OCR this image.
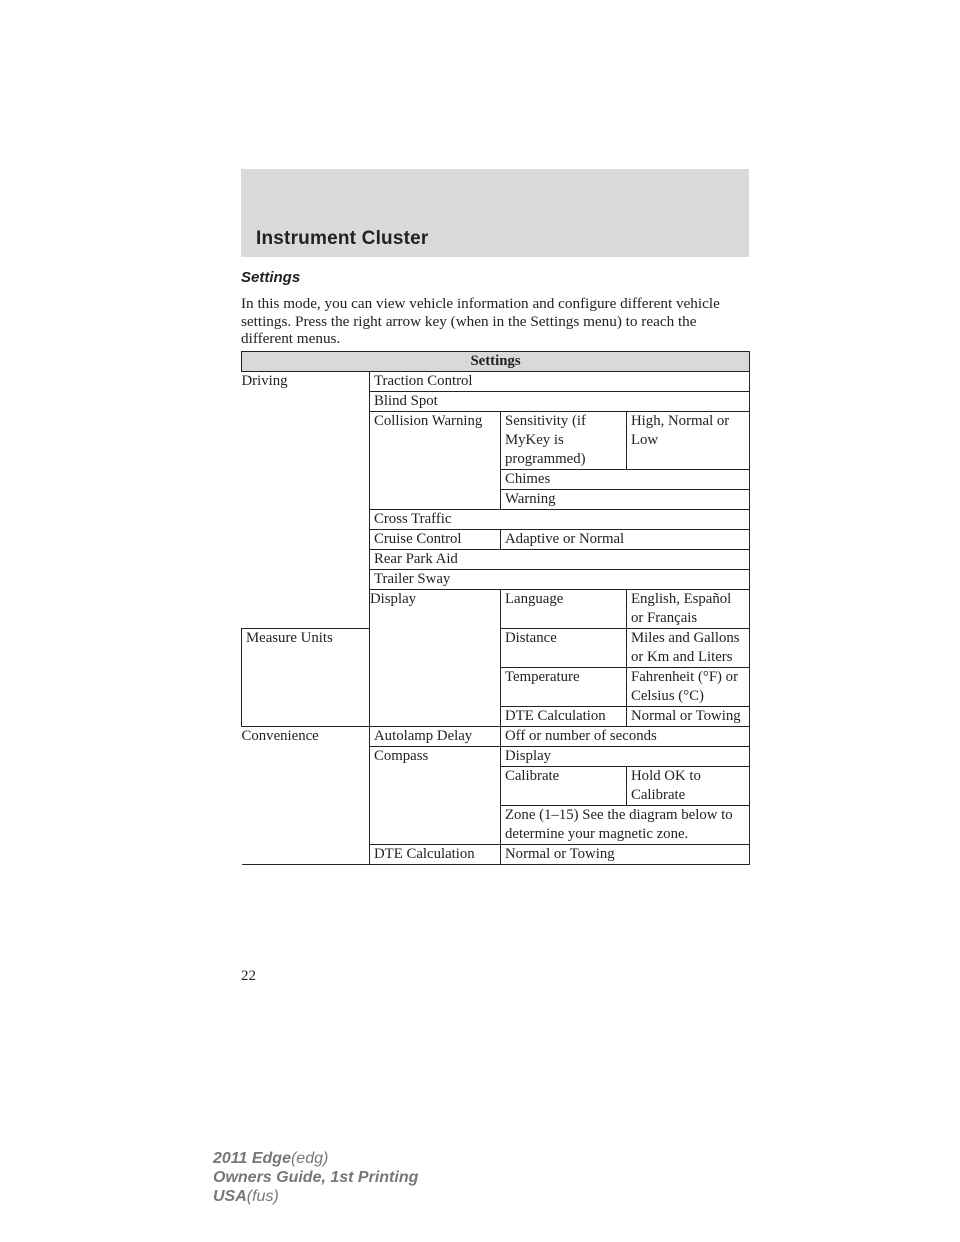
Instrument Cluster
Settings

In this mode, you can view vehicle information and configure different vehicle settings. Press the right arrow key (when in the Settings menu) to reach the different menus.

Settings			
Driving	Traction Control		
	Blind Spot		
	Collision Warning	Sensitivity (if MyKey is programmed)	High, Normal or Low
		Chimes	
		Warning	
	Cross Traffic		
	Cruise Control	Adaptive or Normal	
	Rear Park Aid		
	Trailer Sway		
	Display	Language	English, Español or Français
Measure Units		Distance	Miles and Gallons or Km and Liters
		Temperature	Fahrenheit (°F) or Celsius (°C)
		DTE Calculation	Normal or Towing
Convenience	Autolamp Delay	Off or number of seconds	
	Compass	Display	
		Calibrate	Hold OK to Calibrate
		Zone (1–15) See the diagram below to determine your magnetic zone.	
	DTE Calculation	Normal or Towing	
22
2011 Edge(edg)
Owners Guide, 1st Printing
USA(fus)
